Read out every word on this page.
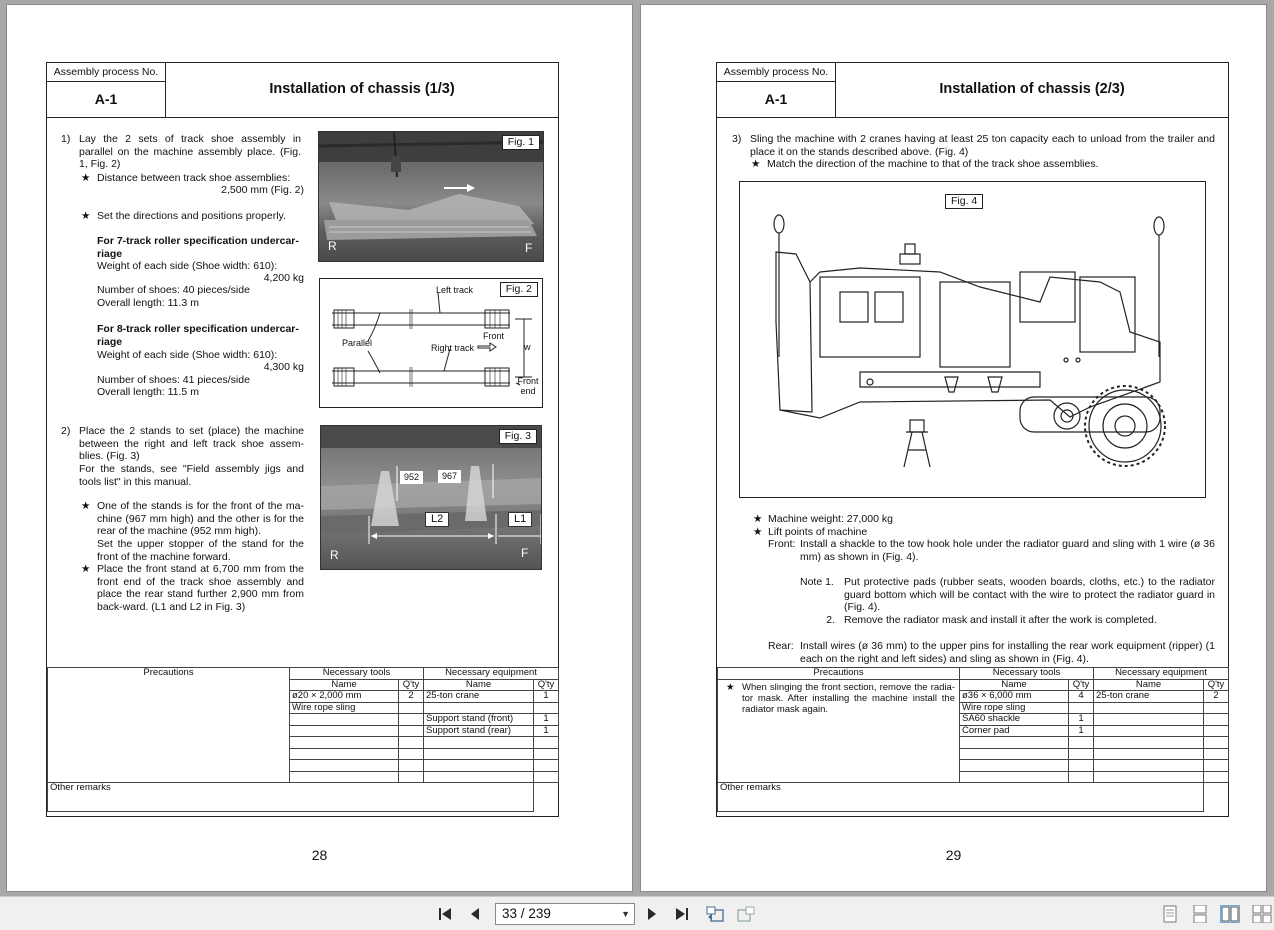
Assembly process No.
A-1
Installation of chassis (1/3)
1) Lay the 2 sets of track shoe assembly in parallel on the machine assembly place. (Fig. 1, Fig. 2)
★ Distance between track shoe assemblies:
2,500 mm (Fig. 2)
★ Set the directions and positions properly.
For 7-track roller specification undercar-riage
Weight of each side (Shoe width: 610):
4,200 kg
Number of shoes: 40 pieces/side
Overall length: 11.3 m
For 8-track roller specification undercar-riage
Weight of each side (Shoe width: 610):
4,300 kg
Number of shoes: 41 pieces/side
Overall length: 11.5 m
Fig. 1
R	F
Fig. 2
Left track
Parallel
Front
Right track	w
Front end
2) Place the 2 stands to set (place) the machine between the right and left track shoe assem-blies. (Fig. 3)
For the stands, see "Field assembly jigs and tools list" in this manual.
★ One of the stands is for the front of the ma-chine (967 mm high) and the other is for the rear of the machine (952 mm high).
Set the upper stopper of the stand for the front of the machine forward.
★ Place the front stand at 6,700 mm from the front end of the track shoe assembly and place the rear stand further 2,900 mm from back-ward. (L1 and L2 in Fig. 3)
Fig. 3
952	967
L2	L1
R	F
Precautions	Necessary tools		Necessary equipment	
	Name	Q'ty	Name	Q'ty
	ø20 × 2,000 mm	2	25-ton crane	1
	Wire rope sling			
			Support stand (front)	1
			Support stand (rear)	1

Other remarks				
28
Assembly process No.
A-1
Installation of chassis (2/3)
3) Sling the machine with 2 cranes having at least 25 ton capacity each to unload from the trailer and place it on the stands described above. (Fig. 4)
★ Match the direction of the machine to that of the track shoe assemblies.
Fig. 4
★ Machine weight: 27,000 kg
★ Lift points of machine
Front: Install a shackle to the tow hook hole under the radiator guard and sling with 1 wire (ø 36 mm) as shown in (Fig. 4).
Note 1. Put protective pads (rubber seats, wooden boards, cloths, etc.) to the radiator guard bottom which will be contact with the wire to protect the radiator guard in (Fig. 4).
2. Remove the radiator mask and install it after the work is completed.
Rear: Install wires (ø 36 mm) to the upper pins for installing the rear work equipment (ripper) (1 each on the right and left sides) and sling as shown in (Fig. 4).
Precautions
★ When slinging the front section, remove the radia-tor mask. After installing the machine install the radiator mask again.	Necessary tools		Necessary equipment	
	Name	Q'ty	Name	Q'ty
	ø36 × 6,000 mm	4	25-ton crane	2
	Wire rope sling			
	SA60 shackle	1		
	Corner pad	1		

Other remarks				
29
33 / 239	▼
